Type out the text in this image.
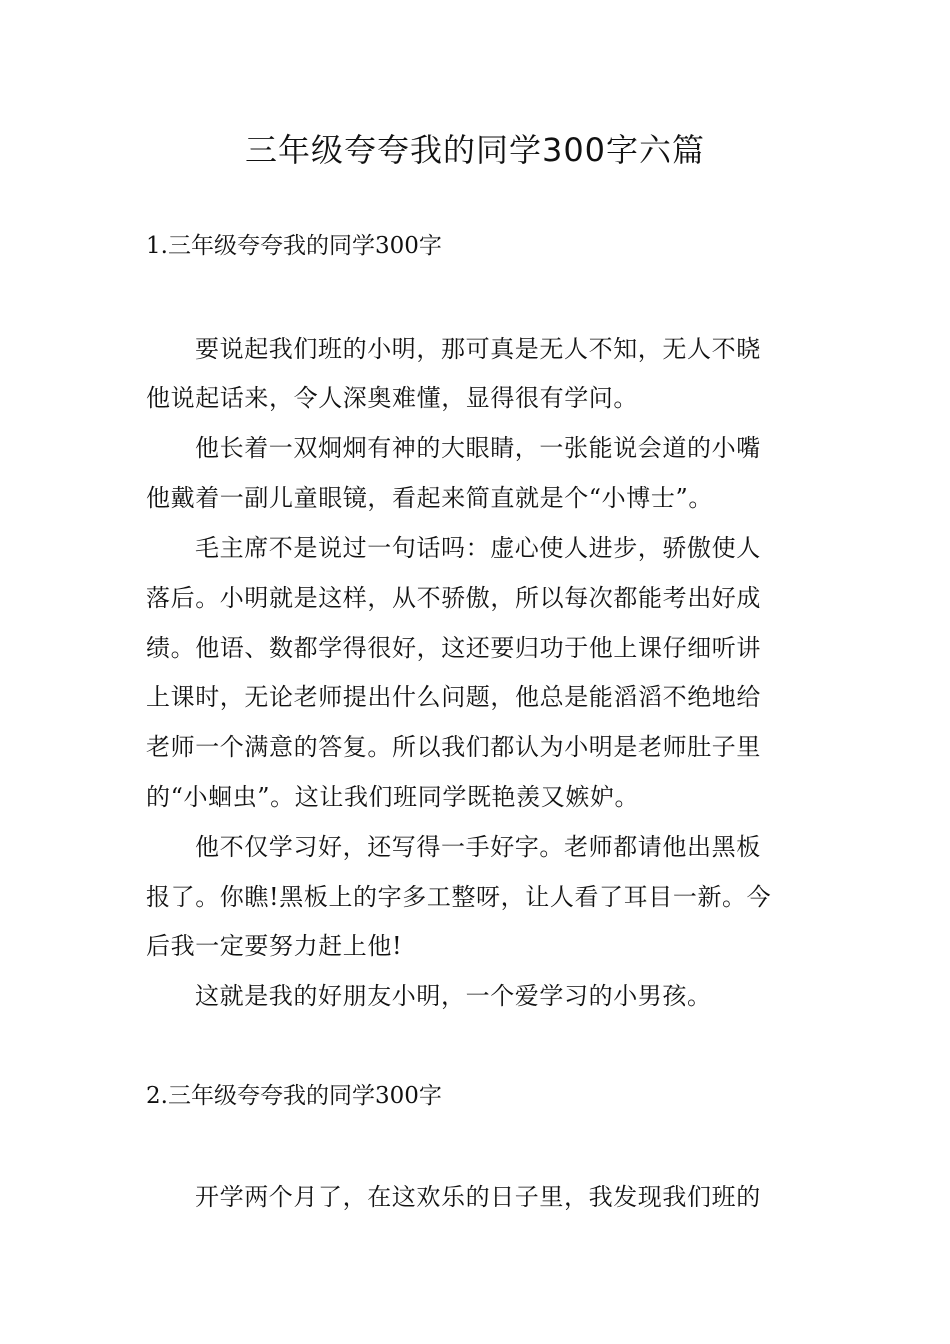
三年级夸夸我的同学300字六篇
1.三年级夸夸我的同学300字
要说起我们班的小明，那可真是无人不知，无人不晓
他说起话来，令人深奥难懂，显得很有学问。
他长着一双炯炯有神的大眼睛，一张能说会道的小嘴
他戴着一副儿童眼镜，看起来简直就是个“小博士”。
毛主席不是说过一句话吗：虚心使人进步，骄傲使人
落后。小明就是这样，从不骄傲，所以每次都能考出好成
绩。他语、数都学得很好，这还要归功于他上课仔细听讲
上课时，无论老师提出什么问题，他总是能滔滔不绝地给
老师一个满意的答复。所以我们都认为小明是老师肚子里
的“小蛔虫”。这让我们班同学既艳羡又嫉妒。
他不仅学习好，还写得一手好字。老师都请他出黑板
报了。你瞧!黑板上的字多工整呀，让人看了耳目一新。今
后我一定要努力赶上他!
这就是我的好朋友小明，一个爱学习的小男孩。
2.三年级夸夸我的同学300字
开学两个月了，在这欢乐的日子里，我发现我们班的
